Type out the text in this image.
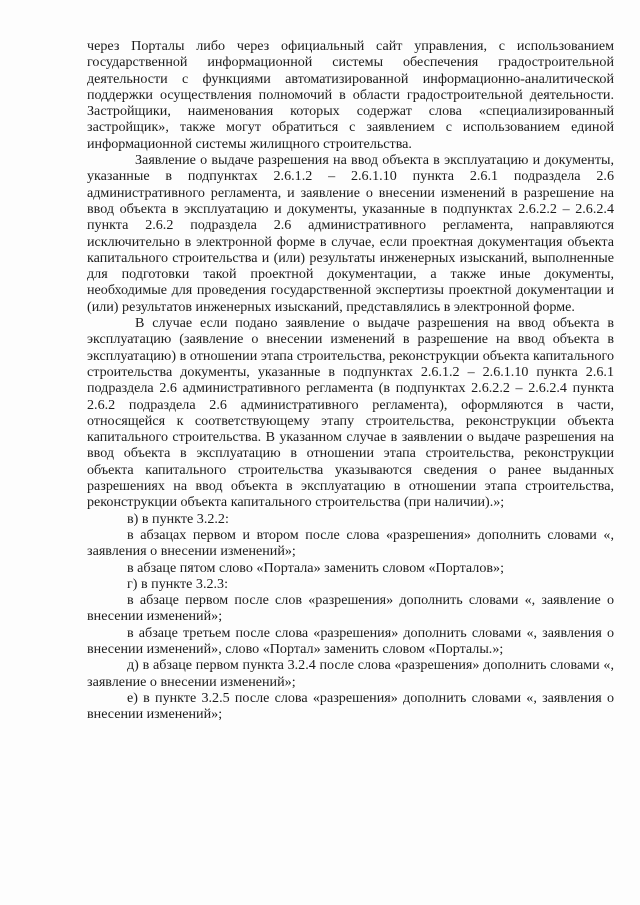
через Порталы либо через официальный сайт управления, с использованием государственной информационной системы обеспечения градостроительной деятельности с функциями автоматизированной информационно-аналитической поддержки осуществления полномочий в области градостроительной деятельности. Застройщики, наименования которых содержат слова «специализированный застройщик», также могут обратиться с заявлением с использованием единой информационной системы жилищного строительства.

Заявление о выдаче разрешения на ввод объекта в эксплуатацию и документы, указанные в подпунктах 2.6.1.2 – 2.6.1.10 пункта 2.6.1 подраздела 2.6 административного регламента, и заявление о внесении изменений в разрешение на ввод объекта в эксплуатацию и документы, указанные в подпунктах 2.6.2.2 – 2.6.2.4 пункта 2.6.2 подраздела 2.6 административного регламента, направляются исключительно в электронной форме в случае, если проектная документация объекта капитального строительства и (или) результаты инженерных изысканий, выполненные для подготовки такой проектной документации, а также иные документы, необходимые для проведения государственной экспертизы проектной документации и (или) результатов инженерных изысканий, представлялись в электронной форме.

В случае если подано заявление о выдаче разрешения на ввод объекта в эксплуатацию (заявление о внесении изменений в разрешение на ввод объекта в эксплуатацию) в отношении этапа строительства, реконструкции объекта капитального строительства документы, указанные в подпунктах 2.6.1.2 – 2.6.1.10 пункта 2.6.1 подраздела 2.6 административного регламента (в подпунктах 2.6.2.2 – 2.6.2.4 пункта 2.6.2 подраздела 2.6 административного регламента), оформляются в части, относящейся к соответствующему этапу строительства, реконструкции объекта капитального строительства. В указанном случае в заявлении о выдаче разрешения на ввод объекта в эксплуатацию в отношении этапа строительства, реконструкции объекта капитального строительства указываются сведения о ранее выданных разрешениях на ввод объекта в эксплуатацию в отношении этапа строительства, реконструкции объекта капитального строительства (при наличии).»;

в) в пункте 3.2.2:

в абзацах первом и втором после слова «разрешения» дополнить словами «, заявления о внесении изменений»;

в абзаце пятом слово «Портала» заменить словом «Порталов»;

г) в пункте 3.2.3:

в абзаце первом после слов «разрешения» дополнить словами «, заявление о внесении изменений»;

в абзаце третьем после слова «разрешения» дополнить словами «, заявления о внесении изменений», слово «Портал» заменить словом «Порталы.»;

д) в абзаце первом пункта 3.2.4 после слова «разрешения» дополнить словами «, заявление о внесении изменений»;

е) в пункте 3.2.5 после слова «разрешения» дополнить словами «, заявления о внесении изменений»;
